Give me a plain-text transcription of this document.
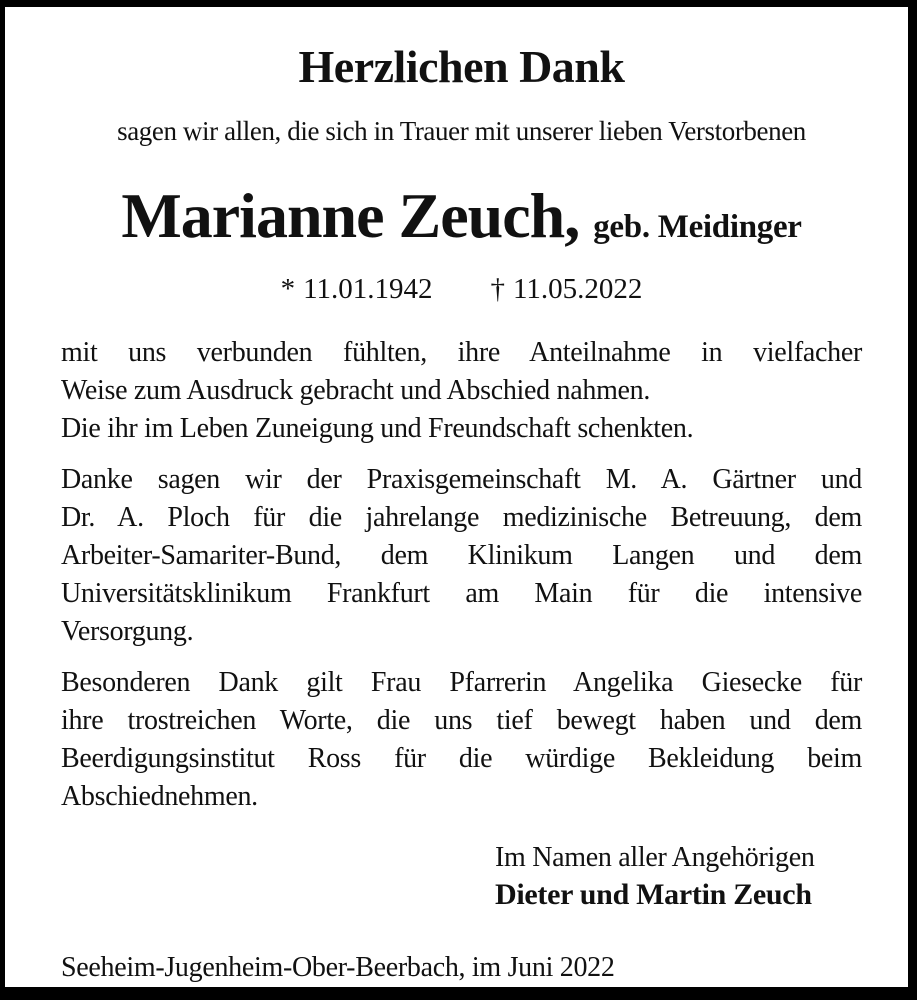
Herzlichen Dank
sagen wir allen, die sich in Trauer mit unserer lieben Verstorbenen
Marianne Zeuch, geb. Meidinger
* 11.01.1942 † 11.05.2022
mit uns verbunden fühlten, ihre Anteilnahme in vielfacher
Weise zum Ausdruck gebracht und Abschied nahmen.
Die ihr im Leben Zuneigung und Freundschaft schenkten.
Danke sagen wir der Praxisgemeinschaft M. A. Gärtner und
Dr. A. Ploch für die jahrelange medizinische Betreuung, dem
Arbeiter-Samariter-Bund, dem Klinikum Langen und dem
Universitätsklinikum Frankfurt am Main für die intensive
Versorgung.
Besonderen Dank gilt Frau Pfarrerin Angelika Giesecke für
ihre trostreichen Worte, die uns tief bewegt haben und dem
Beerdigungsinstitut Ross für die würdige Bekleidung beim
Abschiednehmen.
Im Namen aller Angehörigen
Dieter und Martin Zeuch
Seeheim-Jugenheim-Ober-Beerbach, im Juni 2022
